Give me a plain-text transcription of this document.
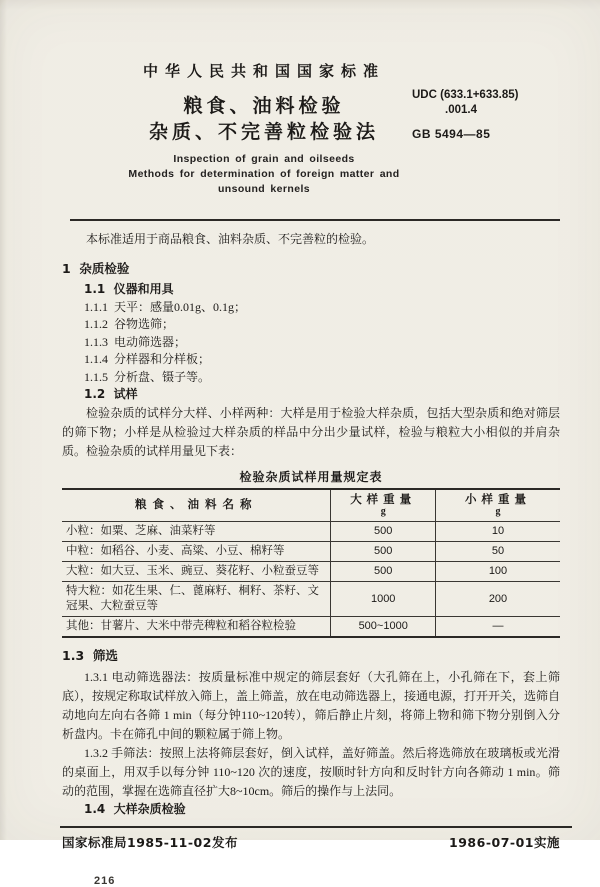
中华人民共和国国家标准
粮食、油料检验
杂质、不完善粒检验法
Inspection of grain and oilseeds
Methods for determination of foreign matter and
unsound kernels
UDC (633.1+633.85)
.001.4
GB 5494—85

本标准适用于商品粮食、油料杂质、不完善粒的检验。

1  杂质检验
1.1  仪器和用具
1.1.1  天平：感量0.01g、0.1g；
1.1.2  谷物选筛；
1.1.3  电动筛选器；
1.1.4  分样器和分样板；
1.1.5  分析盘、镊子等。
1.2  试样

检验杂质的试样分大样、小样两种：大样是用于检验大样杂质，包括大型杂质和绝对筛层的筛下物；小样是从检验过大样杂质的样品中分出少量试样，检验与粮粒大小相似的并肩杂质。检验杂质的试样用量见下表：

检验杂质试样用量规定表
粮食、油料名称	大样重量
g

小样重量
g

小粒：如粟、芝麻、油菜籽等	500	10
中粒：如稻谷、小麦、高粱、小豆、棉籽等	500	50
大粒：如大豆、玉米、豌豆、葵花籽、小粒蚕豆等	500	100
特大粒：如花生果、仁、蓖麻籽、桐籽、茶籽、文冠果、大粒蚕豆等	1000	200
其他：甘薯片、大米中带壳稗粒和稻谷粒检验	500~1000	—
1.3  筛选

1.3.1 电动筛选器法：按质量标准中规定的筛层套好（大孔筛在上，小孔筛在下，套上筛底），按规定称取试样放入筛上，盖上筛盖，放在电动筛选器上，接通电源，打开开关，选筛自动地向左向右各筛 1 min（每分钟110~120转），筛后静止片刻，将筛上物和筛下物分别倒入分析盘内。卡在筛孔中间的颗粒属于筛上物。

1.3.2 手筛法：按照上法将筛层套好，倒入试样，盖好筛盖。然后将选筛放在玻璃板或光滑的桌面上，用双手以每分钟 110~120 次的速度，按顺时针方向和反时针方向各筛动 1 min。筛动的范围，掌握在选筛直径扩大8~10cm。筛后的操作与上法同。

1.4  大样杂质检验
国家标准局1985-11-02发布	1986-07-01实施
216
